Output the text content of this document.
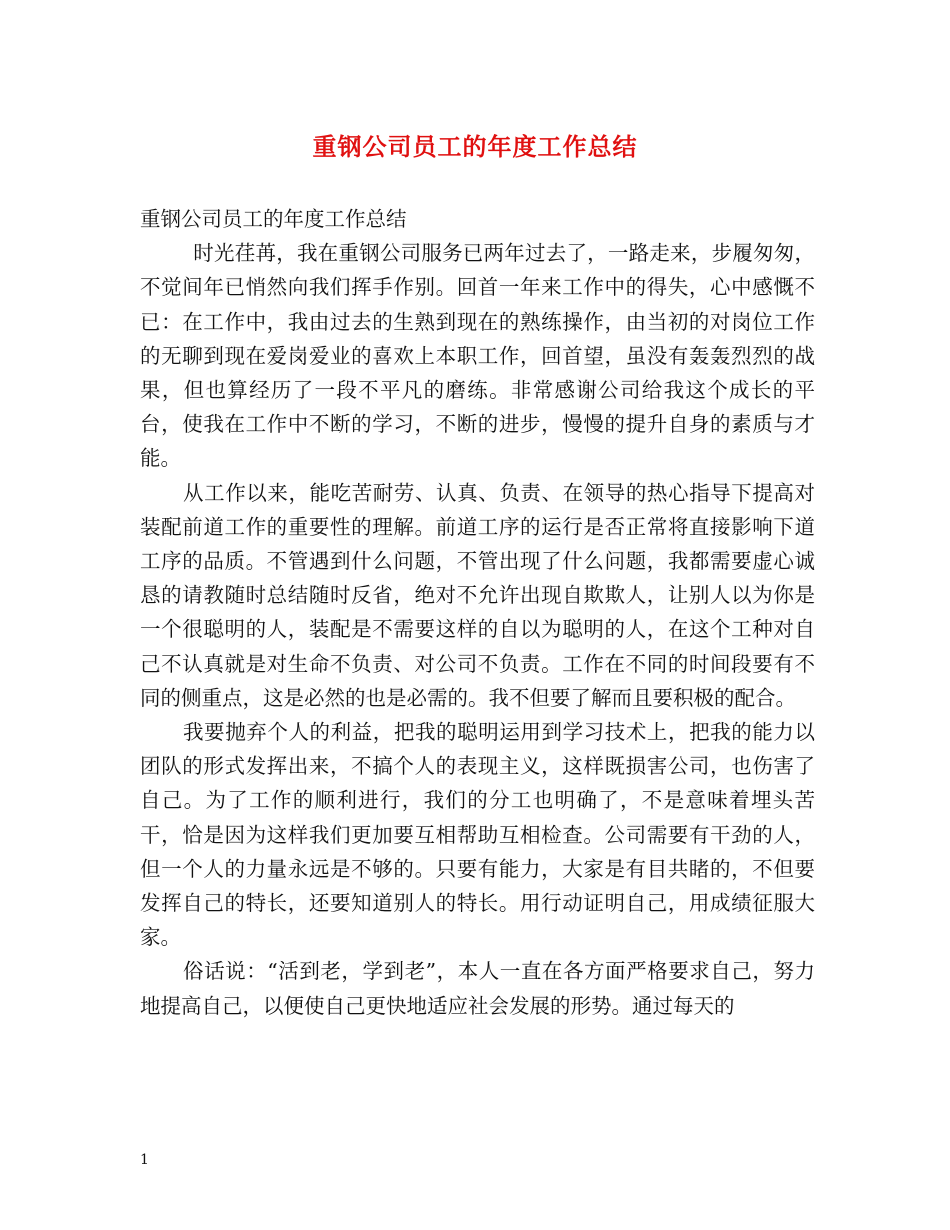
重钢公司员工的年度工作总结

重钢公司员工的年度工作总结

时光荏苒，我在重钢公司服务已两年过去了，一路走来，步履匆匆，不觉间年已悄然向我们挥手作别。回首一年来工作中的得失，心中感慨不已：在工作中，我由过去的生熟到现在的熟练操作，由当初的对岗位工作的无聊到现在爱岗爱业的喜欢上本职工作，回首望，虽没有轰轰烈烈的战果，但也算经历了一段不平凡的磨练。非常感谢公司给我这个成长的平台，使我在工作中不断的学习，不断的进步，慢慢的提升自身的素质与才能。

从工作以来，能吃苦耐劳、认真、负责、在领导的热心指导下提高对装配前道工作的重要性的理解。前道工序的运行是否正常将直接影响下道工序的品质。不管遇到什么问题，不管出现了什么问题，我都需要虚心诚恳的请教随时总结随时反省，绝对不允许出现自欺欺人，让别人以为你是一个很聪明的人，装配是不需要这样的自以为聪明的人，在这个工种对自己不认真就是对生命不负责、对公司不负责。工作在不同的时间段要有不同的侧重点，这是必然的也是必需的。我不但要了解而且要积极的配合。

我要抛弃个人的利益，把我的聪明运用到学习技术上，把我的能力以团队的形式发挥出来，不搞个人的表现主义，这样既损害公司，也伤害了自己。为了工作的顺利进行，我们的分工也明确了，不是意味着埋头苦干，恰是因为这样我们更加要互相帮助互相检查。公司需要有干劲的人，但一个人的力量永远是不够的。只要有能力，大家是有目共睹的，不但要发挥自己的特长，还要知道别人的特长。用行动证明自己，用成绩征服大家。

俗话说：“活到老，学到老”，本人一直在各方面严格要求自己，努力地提高自己，以便使自己更快地适应社会发展的形势。通过每天的

1
